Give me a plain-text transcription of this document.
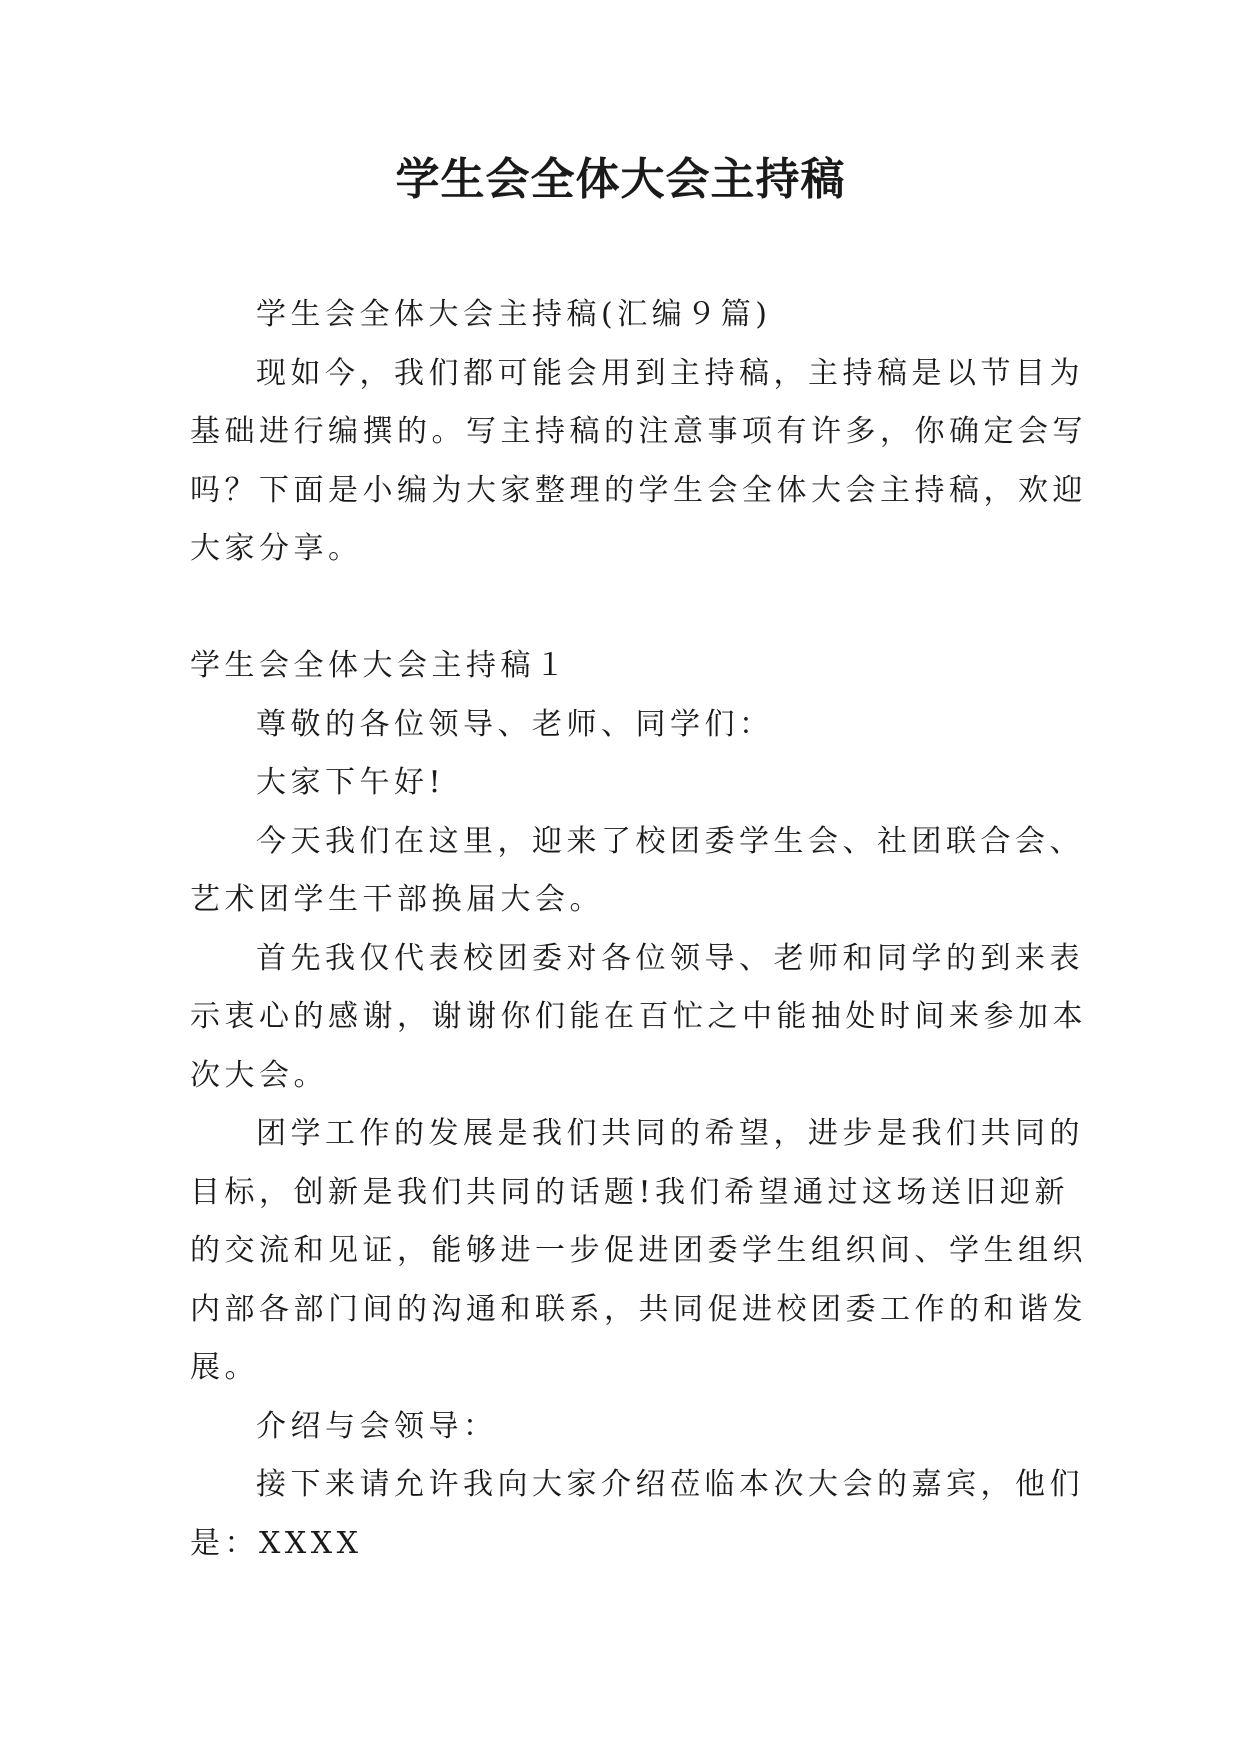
学生会全体大会主持稿
学生会全体大会主持稿(汇编９篇)
现如今，我们都可能会用到主持稿，主持稿是以节目为
基础进行编撰的。写主持稿的注意事项有许多，你确定会写
吗？下面是小编为大家整理的学生会全体大会主持稿，欢迎
大家分享。
学生会全体大会主持稿１
尊敬的各位领导、老师、同学们：
大家下午好!
今天我们在这里，迎来了校团委学生会、社团联合会、
艺术团学生干部换届大会。
首先我仅代表校团委对各位领导、老师和同学的到来表
示衷心的感谢，谢谢你们能在百忙之中能抽处时间来参加本
次大会。
团学工作的发展是我们共同的希望，进步是我们共同的
目标，创新是我们共同的话题!我们希望通过这场送旧迎新
的交流和见证，能够进一步促进团委学生组织间、学生组织
内部各部门间的沟通和联系，共同促进校团委工作的和谐发
展。
介绍与会领导：
接下来请允许我向大家介绍莅临本次大会的嘉宾，他们
是：XXXX
